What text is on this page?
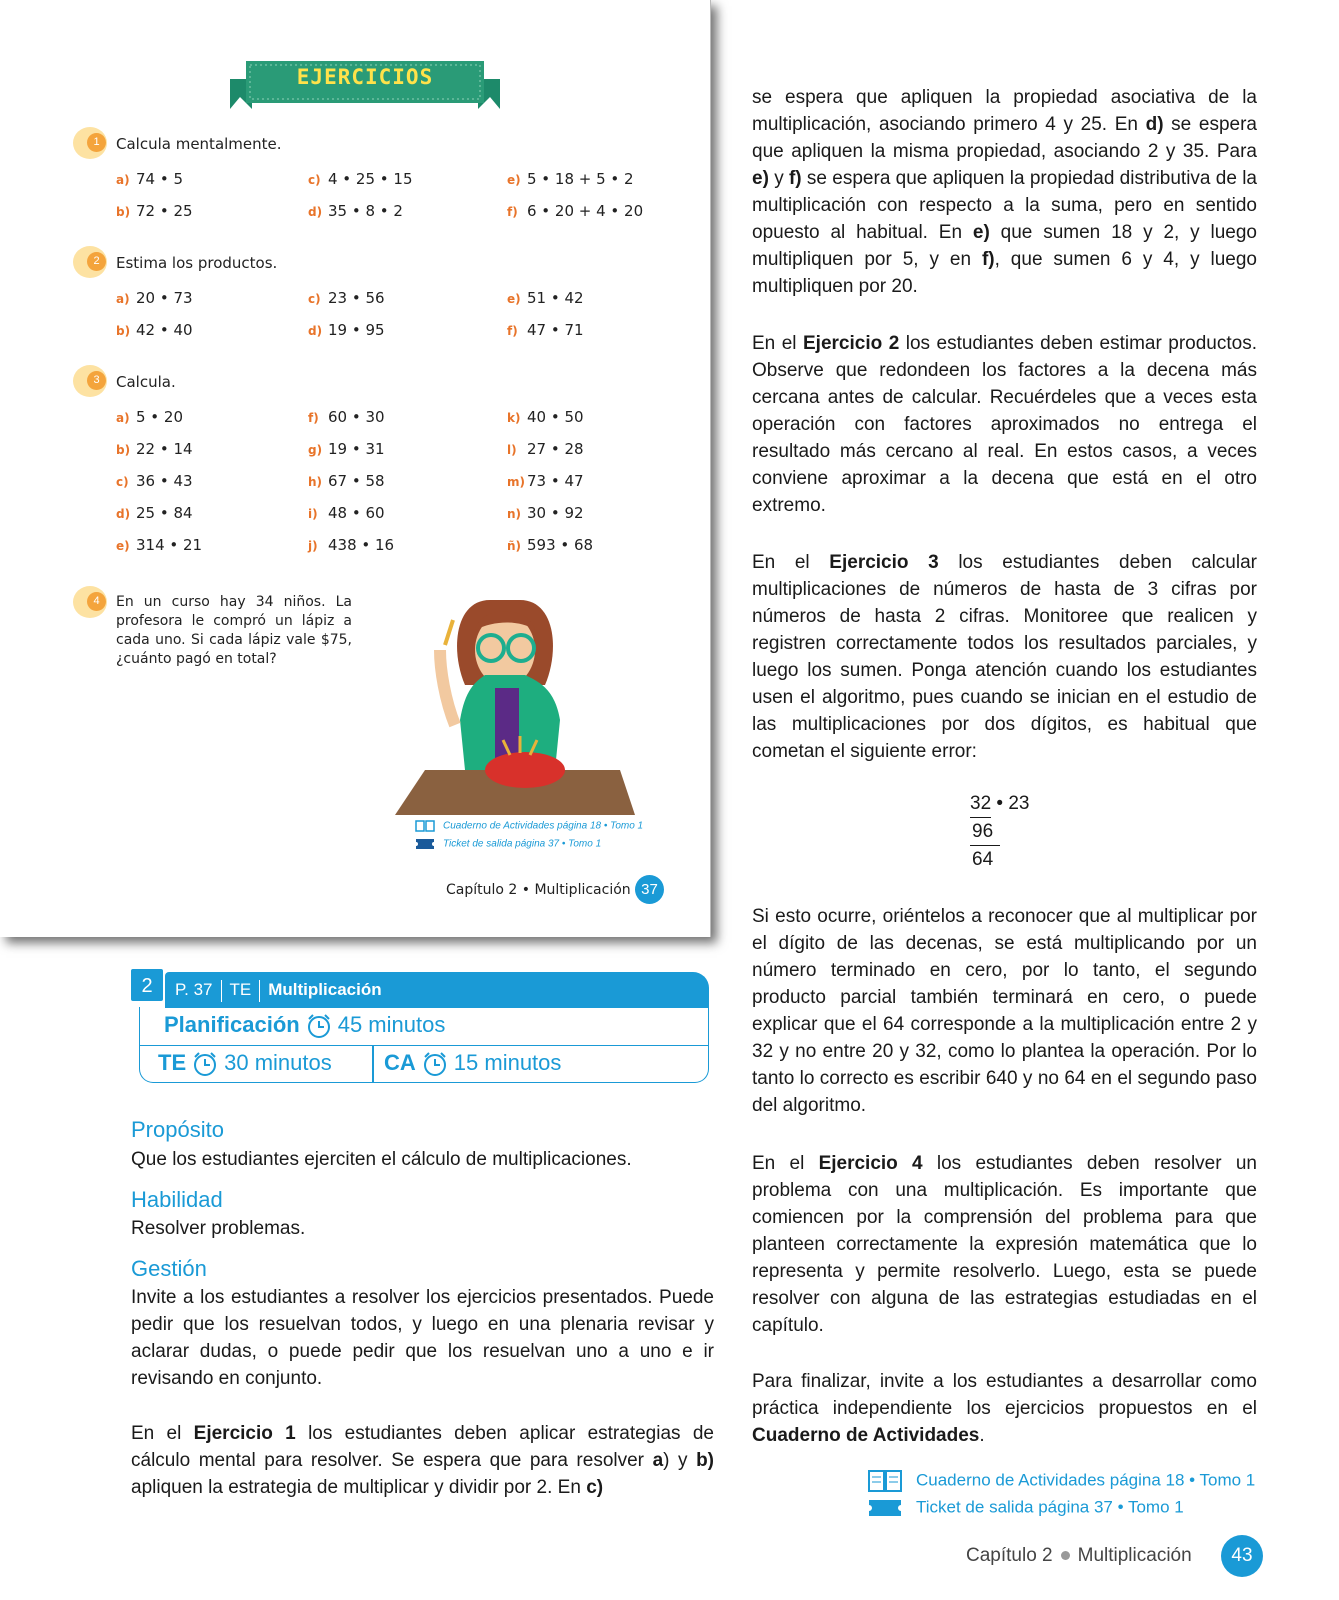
EJERCICIOS
1	Calcula mentalmente.
a) 74 • 5	c) 4 • 25 • 15	e) 5 • 18 + 5 • 2
b) 72 • 25	d) 35 • 8 • 2	f) 6 • 20 + 4 • 20
2	Estima los productos.
a) 20 • 73	c) 23 • 56	e) 51 • 42
b) 42 • 40	d) 19 • 95	f) 47 • 71
3	Calcula.
a) 5 • 20	f) 60 • 30	k) 40 • 50
b) 22 • 14	g) 19 • 31	l) 27 • 28
c) 36 • 43	h) 67 • 58	m) 73 • 47
d) 25 • 84	i) 48 • 60	n) 30 • 92
e) 314 • 21	j) 438 • 16	ñ) 593 • 68
4	En un curso hay 34 niños. La profesora le compró un lápiz a cada uno. Si cada lápiz vale $75, ¿cuánto pagó en total?
Cuaderno de Actividades página 18 • Tomo 1
Ticket de salida página 37 • Tomo 1
Capítulo 2 • Multiplicación 37
P. 37 TE Multiplicación
2
Planificación 45 minutos
TE 30 minutos CA 15 minutos
Propósito
Que los estudiantes ejerciten el cálculo de multiplicaciones.
Habilidad
Resolver problemas.
Gestión
Invite a los estudiantes a resolver los ejercicios presentados. Puede pedir que los resuelvan todos, y luego en una plenaria revisar y aclarar dudas, o puede pedir que los resuelvan uno a uno e ir revisando en conjunto.
En el Ejercicio 1 los estudiantes deben aplicar estrategias de cálculo mental para resolver. Se espera que para resolver a) y b) apliquen la estrategia de multiplicar y dividir por 2. En c)
se espera que apliquen la propiedad asociativa de la multiplicación, asociando primero 4 y 25. En d) se espera que apliquen la misma propiedad, asociando 2 y 35. Para e) y f) se espera que apliquen la propiedad distributiva de la multiplicación con respecto a la suma, pero en sentido opuesto al habitual. En e) que sumen 18 y 2, y luego multipliquen por 5, y en f), que sumen 6 y 4, y luego multipliquen por 20.
En el Ejercicio 2 los estudiantes deben estimar productos. Observe que redondeen los factores a la decena más cercana antes de calcular. Recuérdeles que a veces esta operación con factores aproximados no entrega el resultado más cercano al real. En estos casos, a veces conviene aproximar a la decena que está en el otro extremo.
En el Ejercicio 3 los estudiantes deben calcular multiplicaciones de números de hasta de 3 cifras por números de hasta 2 cifras. Monitoree que realicen y registren correctamente todos los resultados parciales, y luego los sumen. Ponga atención cuando los estudiantes usen el algoritmo, pues cuando se inician en el estudio de las multiplicaciones por dos dígitos, es habitual que cometan el siguiente error:
32 • 23
96
64
Si esto ocurre, oriéntelos a reconocer que al multiplicar por el dígito de las decenas, se está multiplicando por un número terminado en cero, por lo tanto, el segundo producto parcial también terminará en cero, o puede explicar que el 64 corresponde a la multiplicación entre 2 y 32 y no entre 20 y 32, como lo plantea la operación. Por lo tanto lo correcto es escribir 640 y no 64 en el segundo paso del algoritmo.
En el Ejercicio 4 los estudiantes deben resolver un problema con una multiplicación. Es importante que comiencen por la comprensión del problema para que planteen correctamente la expresión matemática que lo representa y permite resolverlo. Luego, esta se puede resolver con alguna de las estrategias estudiadas en el capítulo.
Para finalizar, invite a los estudiantes a desarrollar como práctica independiente los ejercicios propuestos en el Cuaderno de Actividades.
Cuaderno de Actividades página 18 • Tomo 1
Ticket de salida página 37 • Tomo 1
Capítulo 2 Multiplicación	43
